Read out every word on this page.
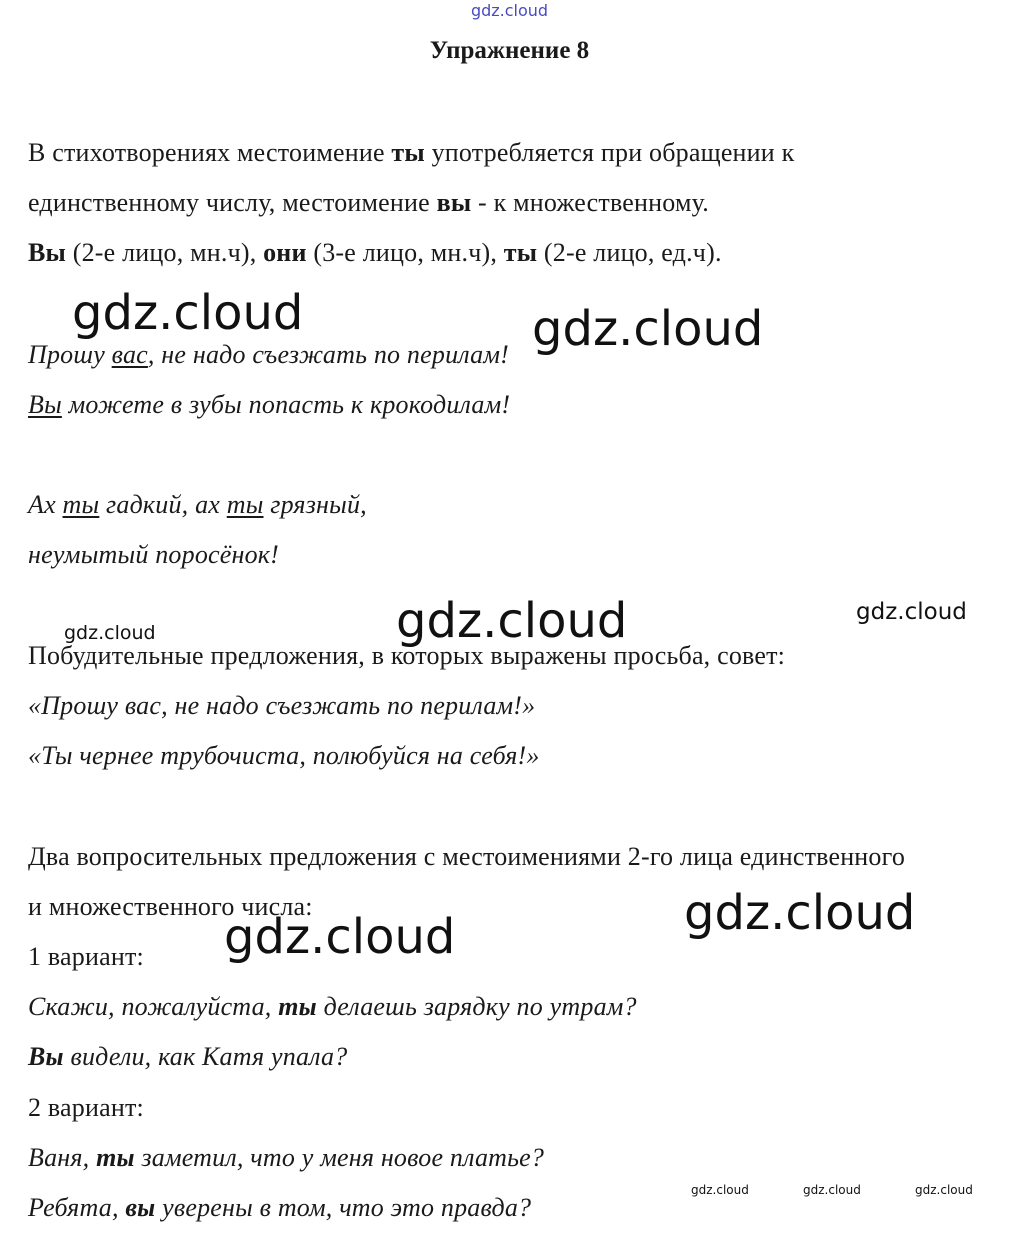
gdz.cloud
Упражнение 8
В стихотворениях местоимение ты употребляется при обращении к
единственному числу, местоимение вы - к множественному.
Вы (2-е лицо, мн.ч), они (3-е лицо, мн.ч), ты (2-е лицо, ед.ч).
Прошу вас, не надо съезжать по перилам!
Вы можете в зубы попасть к крокодилам!
Ах ты гадкий, ах ты грязный,
неумытый поросёнок!
Побудительные предложения, в которых выражены просьба, совет:
«Прошу вас, не надо съезжать по перилам!»
«Ты чернее трубочиста, полюбуйся на себя!»
Два вопросительных предложения с местоимениями 2-го лица единственного
и множественного числа:
1 вариант:
Скажи, пожалуйста, ты делаешь зарядку по утрам?
Вы видели, как Катя упала?
2 вариант:
Ваня, ты заметил, что у меня новое платье?
Ребята, вы уверены в том, что это правда?
gdz.cloud	gdz.cloud
gdz.cloud
gdz.cloud
gdz.cloud
gdz.cloud
gdz.cloud
gdz.cloud	gdz.cloud	gdz.cloud
